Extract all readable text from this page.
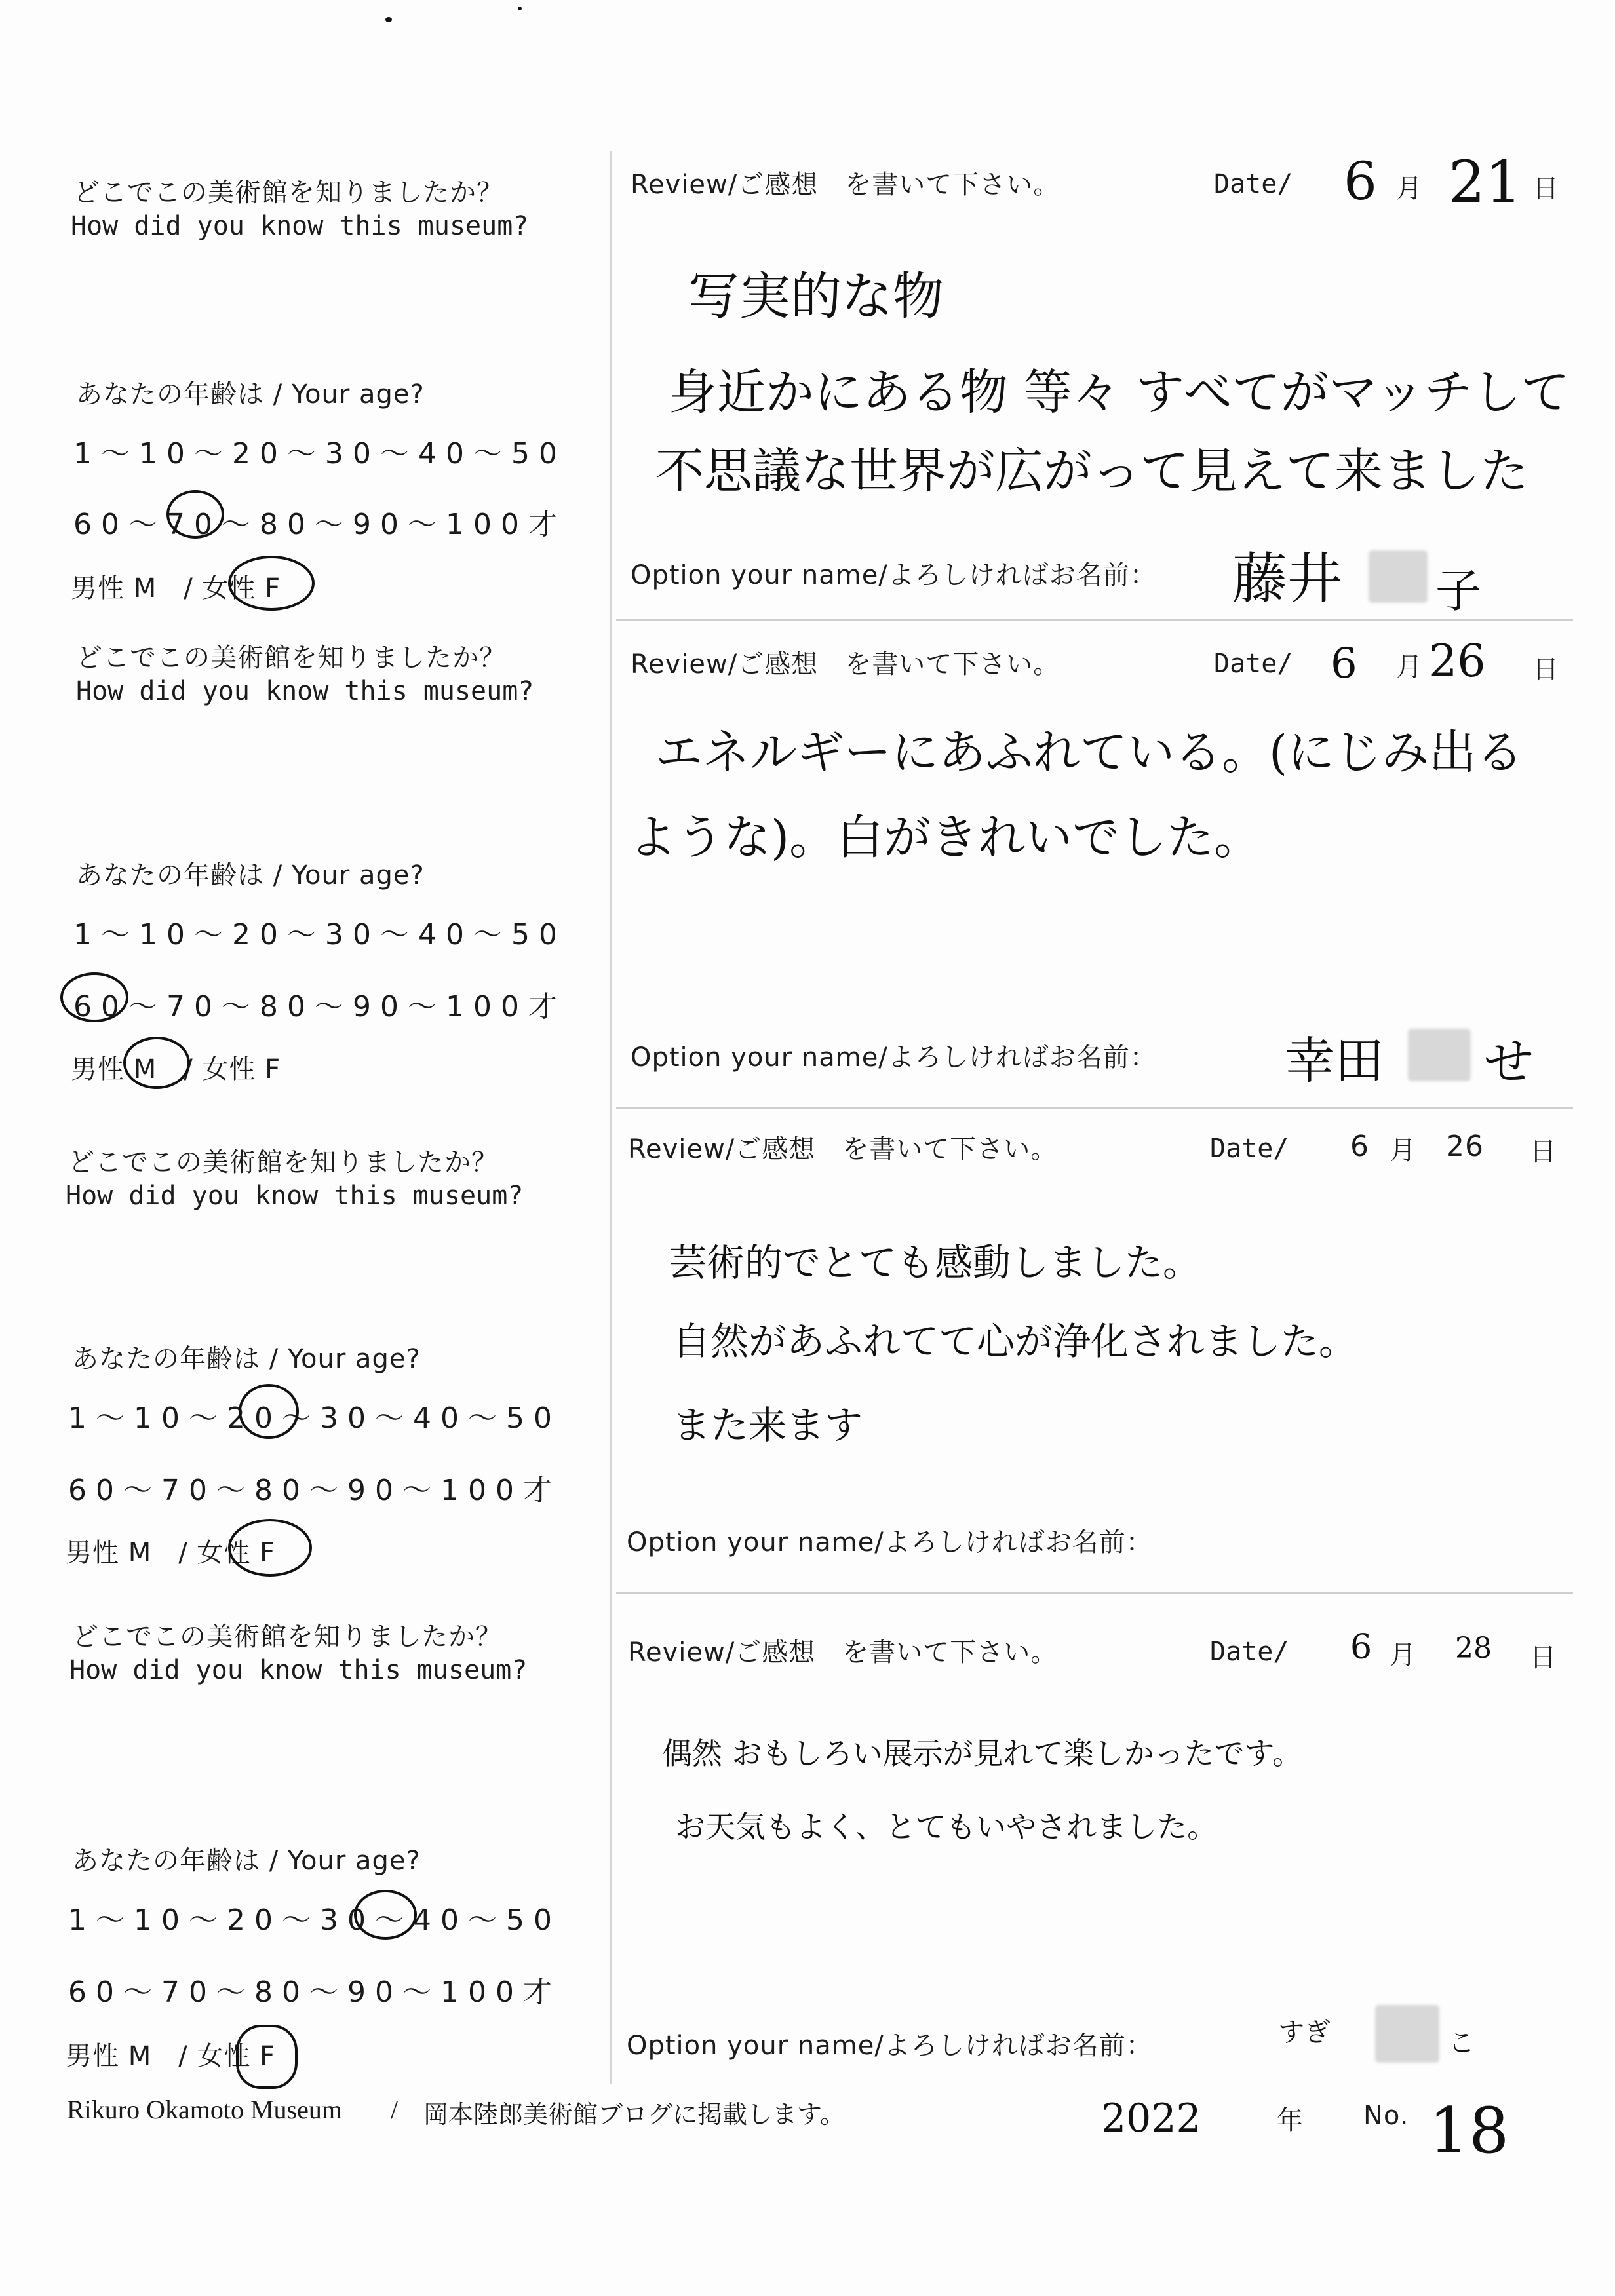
どこでこの美術館を知りましたか？
How did you know this museum?
あなたの年齢は / Your age?
1～10～20～30～40～50
60～70～80～90～100才
男性 M　/ 女性 F
Review/ご感想　を書いて下さい。	Date/ 6 月 21 日
写実的な物
身近かにある物 等々 すべてがマッチして
不思議な世界が広がって見えて来ました
Option your name/よろしければお名前： 藤井 子
どこでこの美術館を知りましたか？
How did you know this museum?
あなたの年齢は / Your age?
1～10～20～30～40～50
60～70～80～90～100才
男性 M　/ 女性 F
Review/ご感想　を書いて下さい。	Date/ 6 月 26 日
エネルギーにあふれている。(にじみ出る
ような)。白がきれいでした。
Option your name/よろしければお名前：	幸田 せ
どこでこの美術館を知りましたか？
How did you know this museum?
あなたの年齢は / Your age?
1～10～20～30～40～50
60～70～80～90～100才
男性 M　/ 女性 F
Review/ご感想　を書いて下さい。	Date/ 6 月 26 日
芸術的でとても感動しました。
自然があふれてて心が浄化されました。
また来ます
Option your name/よろしければお名前：
どこでこの美術館を知りましたか？
How did you know this museum?
あなたの年齢は / Your age?
1～10～20～30～40～50
60～70～80～90～100才
男性 M　/ 女性 F
Review/ご感想　を書いて下さい。	Date/ 6 月 28 日
偶然 おもしろい展示が見れて楽しかったです。
お天気もよく、とてもいやされました。
Option your name/よろしければお名前：	すぎ	こ
Rikuro Okamoto Museum / 岡本陸郎美術館ブログに掲載します。	2022	年 No. 18
